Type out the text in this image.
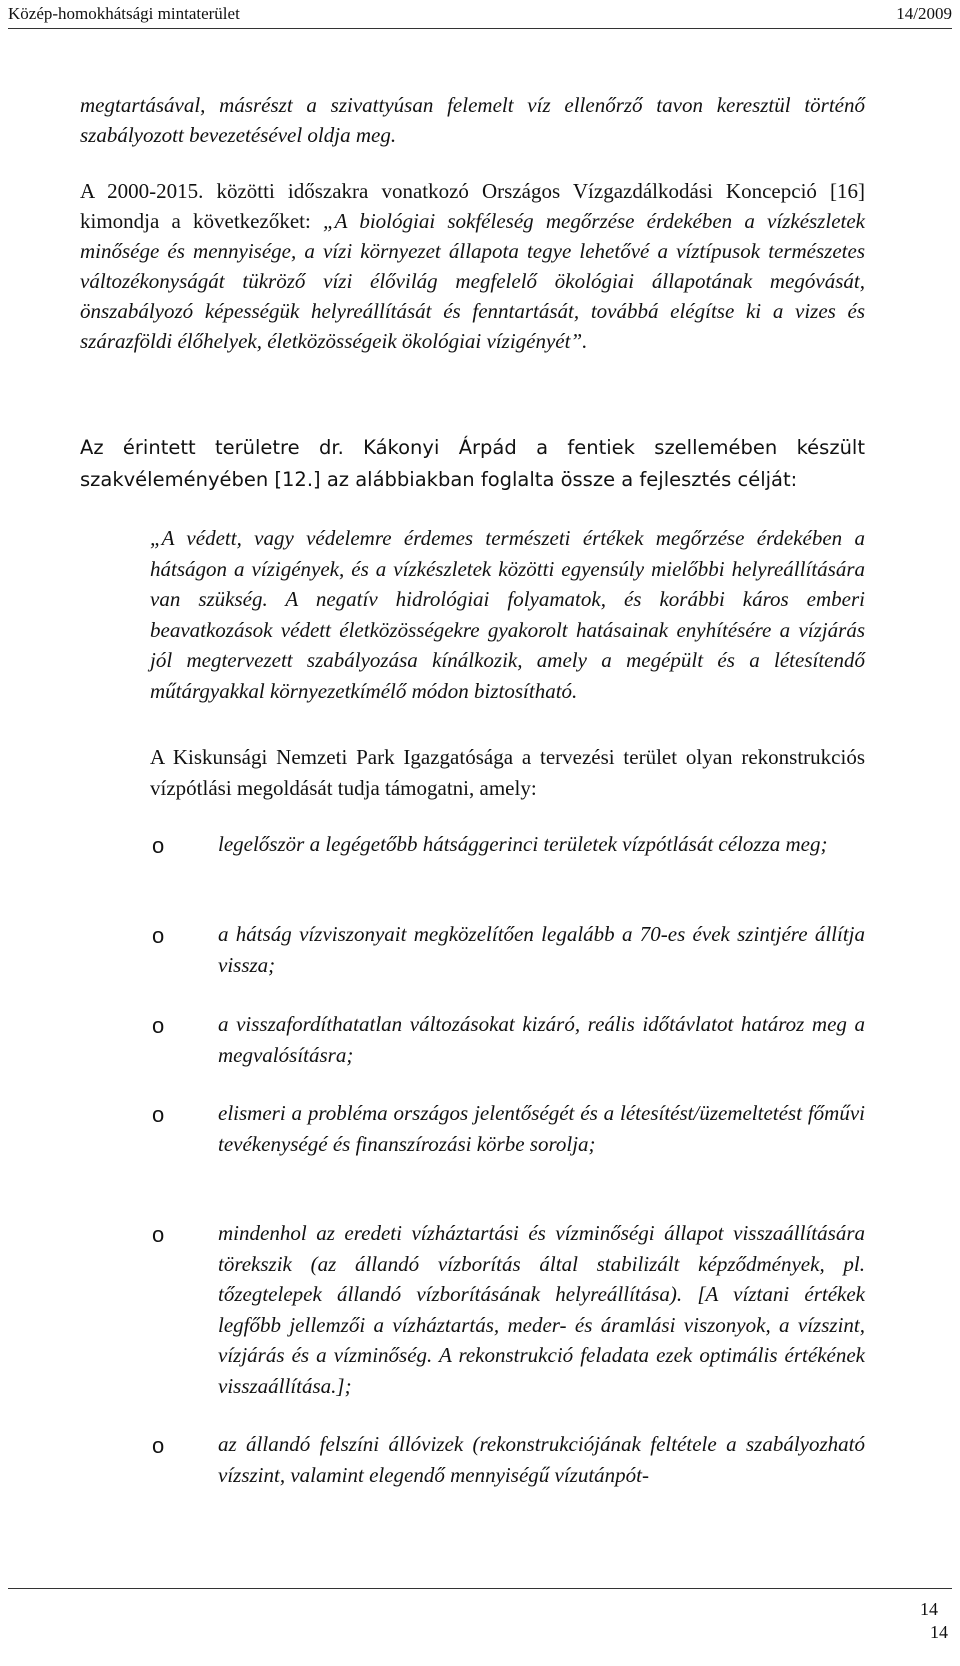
Közép-homokhátsági mintaterület	14/2009

megtartásával, másrészt a szivattyúsan felemelt víz ellenőrző tavon keresztül történő szabályozott bevezetésével oldja meg.

A 2000-2015. közötti időszakra vonatkozó Országos Vízgazdálkodási Koncepció [16] kimondja a következőket: „A biológiai sokféleség megőrzése érdekében a vízkészletek minősége és mennyisége, a vízi környezet állapota tegye lehetővé a víztípusok természetes változékonyságát tükröző vízi élővilág megfelelő ökológiai állapotának megóvását, önszabályozó képességük helyreállítását és fenntartását, továbbá elégítse ki a vizes és szárazföldi élőhelyek, életközösségeik ökológiai vízigényét”.

Az érintett területre dr. Kákonyi Árpád a fentiek szellemében készült szakvéleményében [12.] az alábbiakban foglalta össze a fejlesztés célját:

„A védett, vagy védelemre érdemes természeti értékek megőrzése érdekében a hátságon a vízigények, és a vízkészletek közötti egyensúly mielőbbi helyreállítására van szükség. A negatív hidrológiai folyamatok, és korábbi káros emberi beavatkozások védett életközösségekre gyakorolt hatásainak enyhítésére a vízjárás jól megtervezett szabályozása kínálkozik, amely a megépült és a létesítendő műtárgyakkal környezetkímélő módon biztosítható.

A Kiskunsági Nemzeti Park Igazgatósága a tervezési terület olyan rekonstrukciós vízpótlási megoldását tudja támogatni, amely:

o	legelőször a legégetőbb hátsággerinci területek vízpótlását célozza meg;

o	a hátság vízviszonyait megközelítően legalább a 70-es évek szintjére állítja vissza;

o	a visszafordíthatatlan változásokat kizáró, reális időtávlatot határoz meg a megvalósításra;

o	elismeri a probléma országos jelentőségét és a létesítést/üzemeltetést főművi tevékenységé és finanszírozási körbe sorolja;

o	mindenhol az eredeti vízháztartási és vízminőségi állapot visszaállítására törekszik (az állandó vízborítás által stabilizált képződmények, pl. tőzegtelepek állandó vízborításának helyreállítása). [A víztani értékek legfőbb jellemzői a vízháztartás, meder- és áramlási viszonyok, a vízszint, vízjárás és a vízminőség. A rekonstrukció feladata ezek optimális értékének visszaállítása.];

o	az állandó felszíni állóvizek (rekonstrukciójának feltétele a szabályozható vízszint, valamint elegendő mennyiségű vízutánpót-

14
14
